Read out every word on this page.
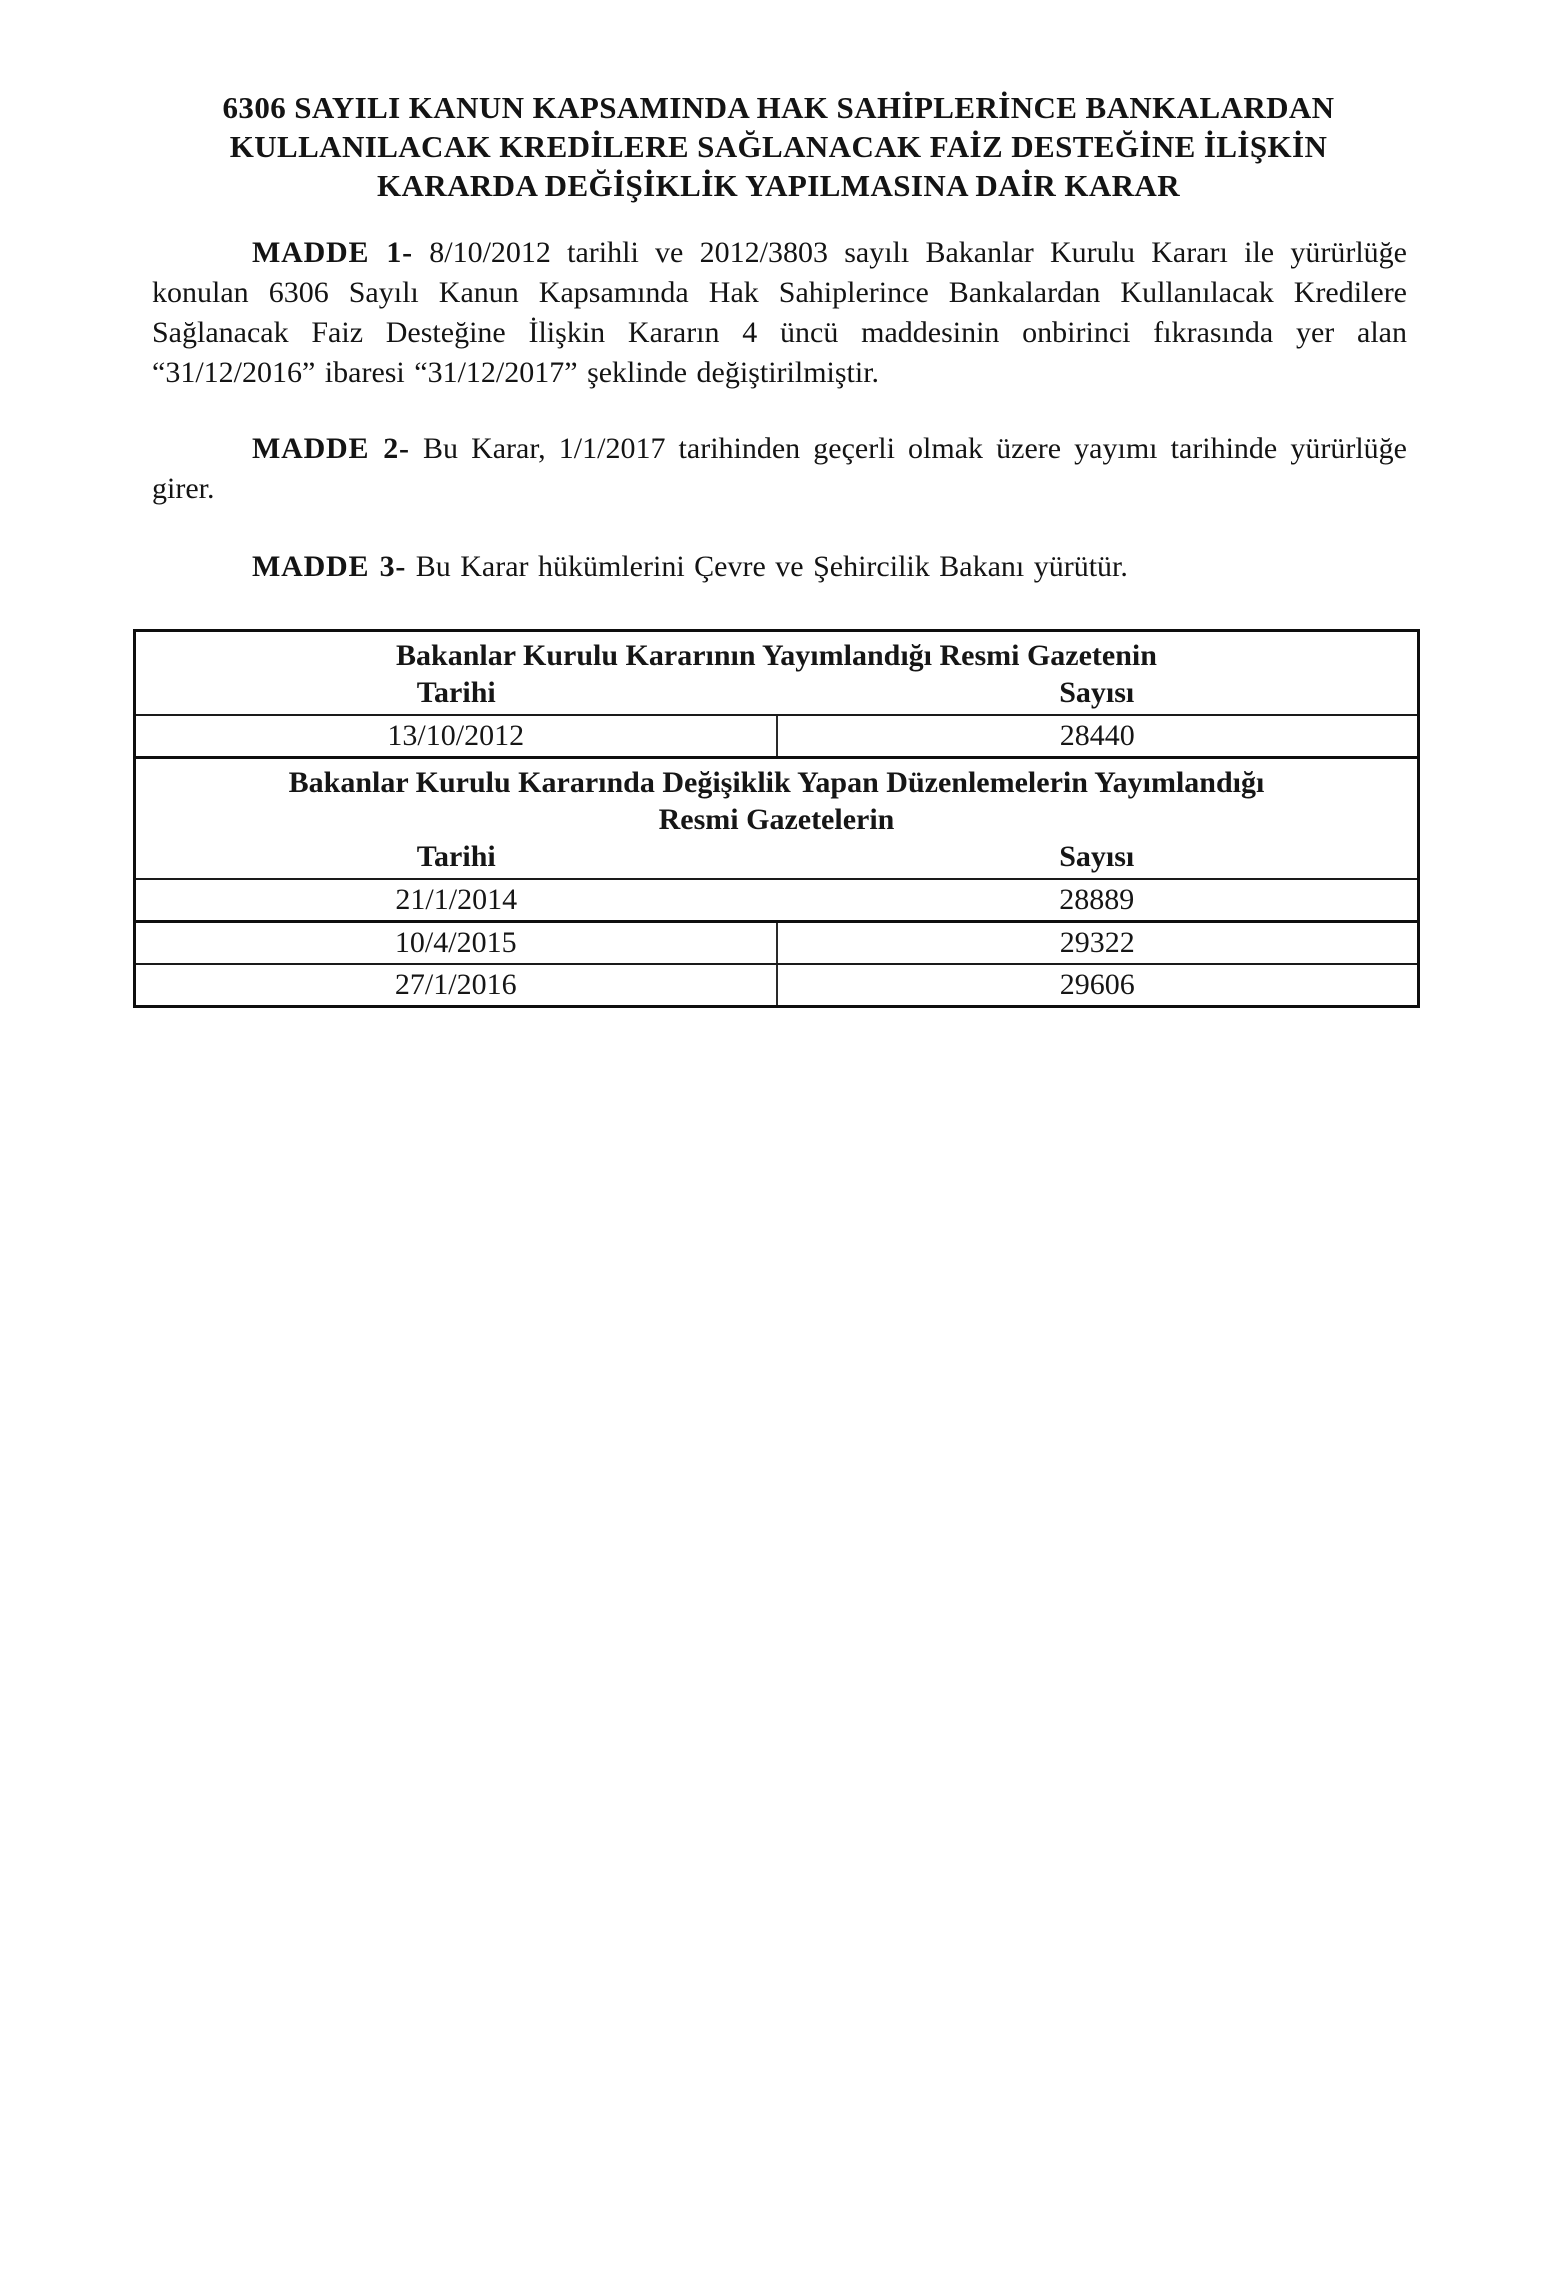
6306 SAYILI KANUN KAPSAMINDA HAK SAHİPLERİNCE BANKALARDAN
KULLANILACAK KREDİLERE SAĞLANACAK FAİZ DESTEĞİNE İLİŞKİN
KARARDA DEĞİŞİKLİK YAPILMASINA DAİR KARAR

MADDE 1- 8/10/2012 tarihli ve 2012/3803 sayılı Bakanlar Kurulu Kararı ile yürürlüğe konulan 6306 Sayılı Kanun Kapsamında Hak Sahiplerince Bankalardan Kullanılacak Kredilere Sağlanacak Faiz Desteğine İlişkin Kararın 4 üncü maddesinin onbirinci fıkrasında yer alan “31/12/2016” ibaresi “31/12/2017” şeklinde değiştirilmiştir.

MADDE 2- Bu Karar, 1/1/2017 tarihinden geçerli olmak üzere yayımı tarihinde yürürlüğe girer.

MADDE 3- Bu Karar hükümlerini Çevre ve Şehircilik Bakanı yürütür.

Bakanlar Kurulu Kararının Yayımlandığı Resmi Gazetenin	
Tarihi	Sayısı
13/10/2012	28440

Bakanlar Kurulu Kararında Değişiklik Yapan Düzenlemelerin Yayımlandığı
Resmi Gazetelerin	

Tarihi	Sayısı
21/1/2014	28889
10/4/2015	29322
27/1/2016	29606
